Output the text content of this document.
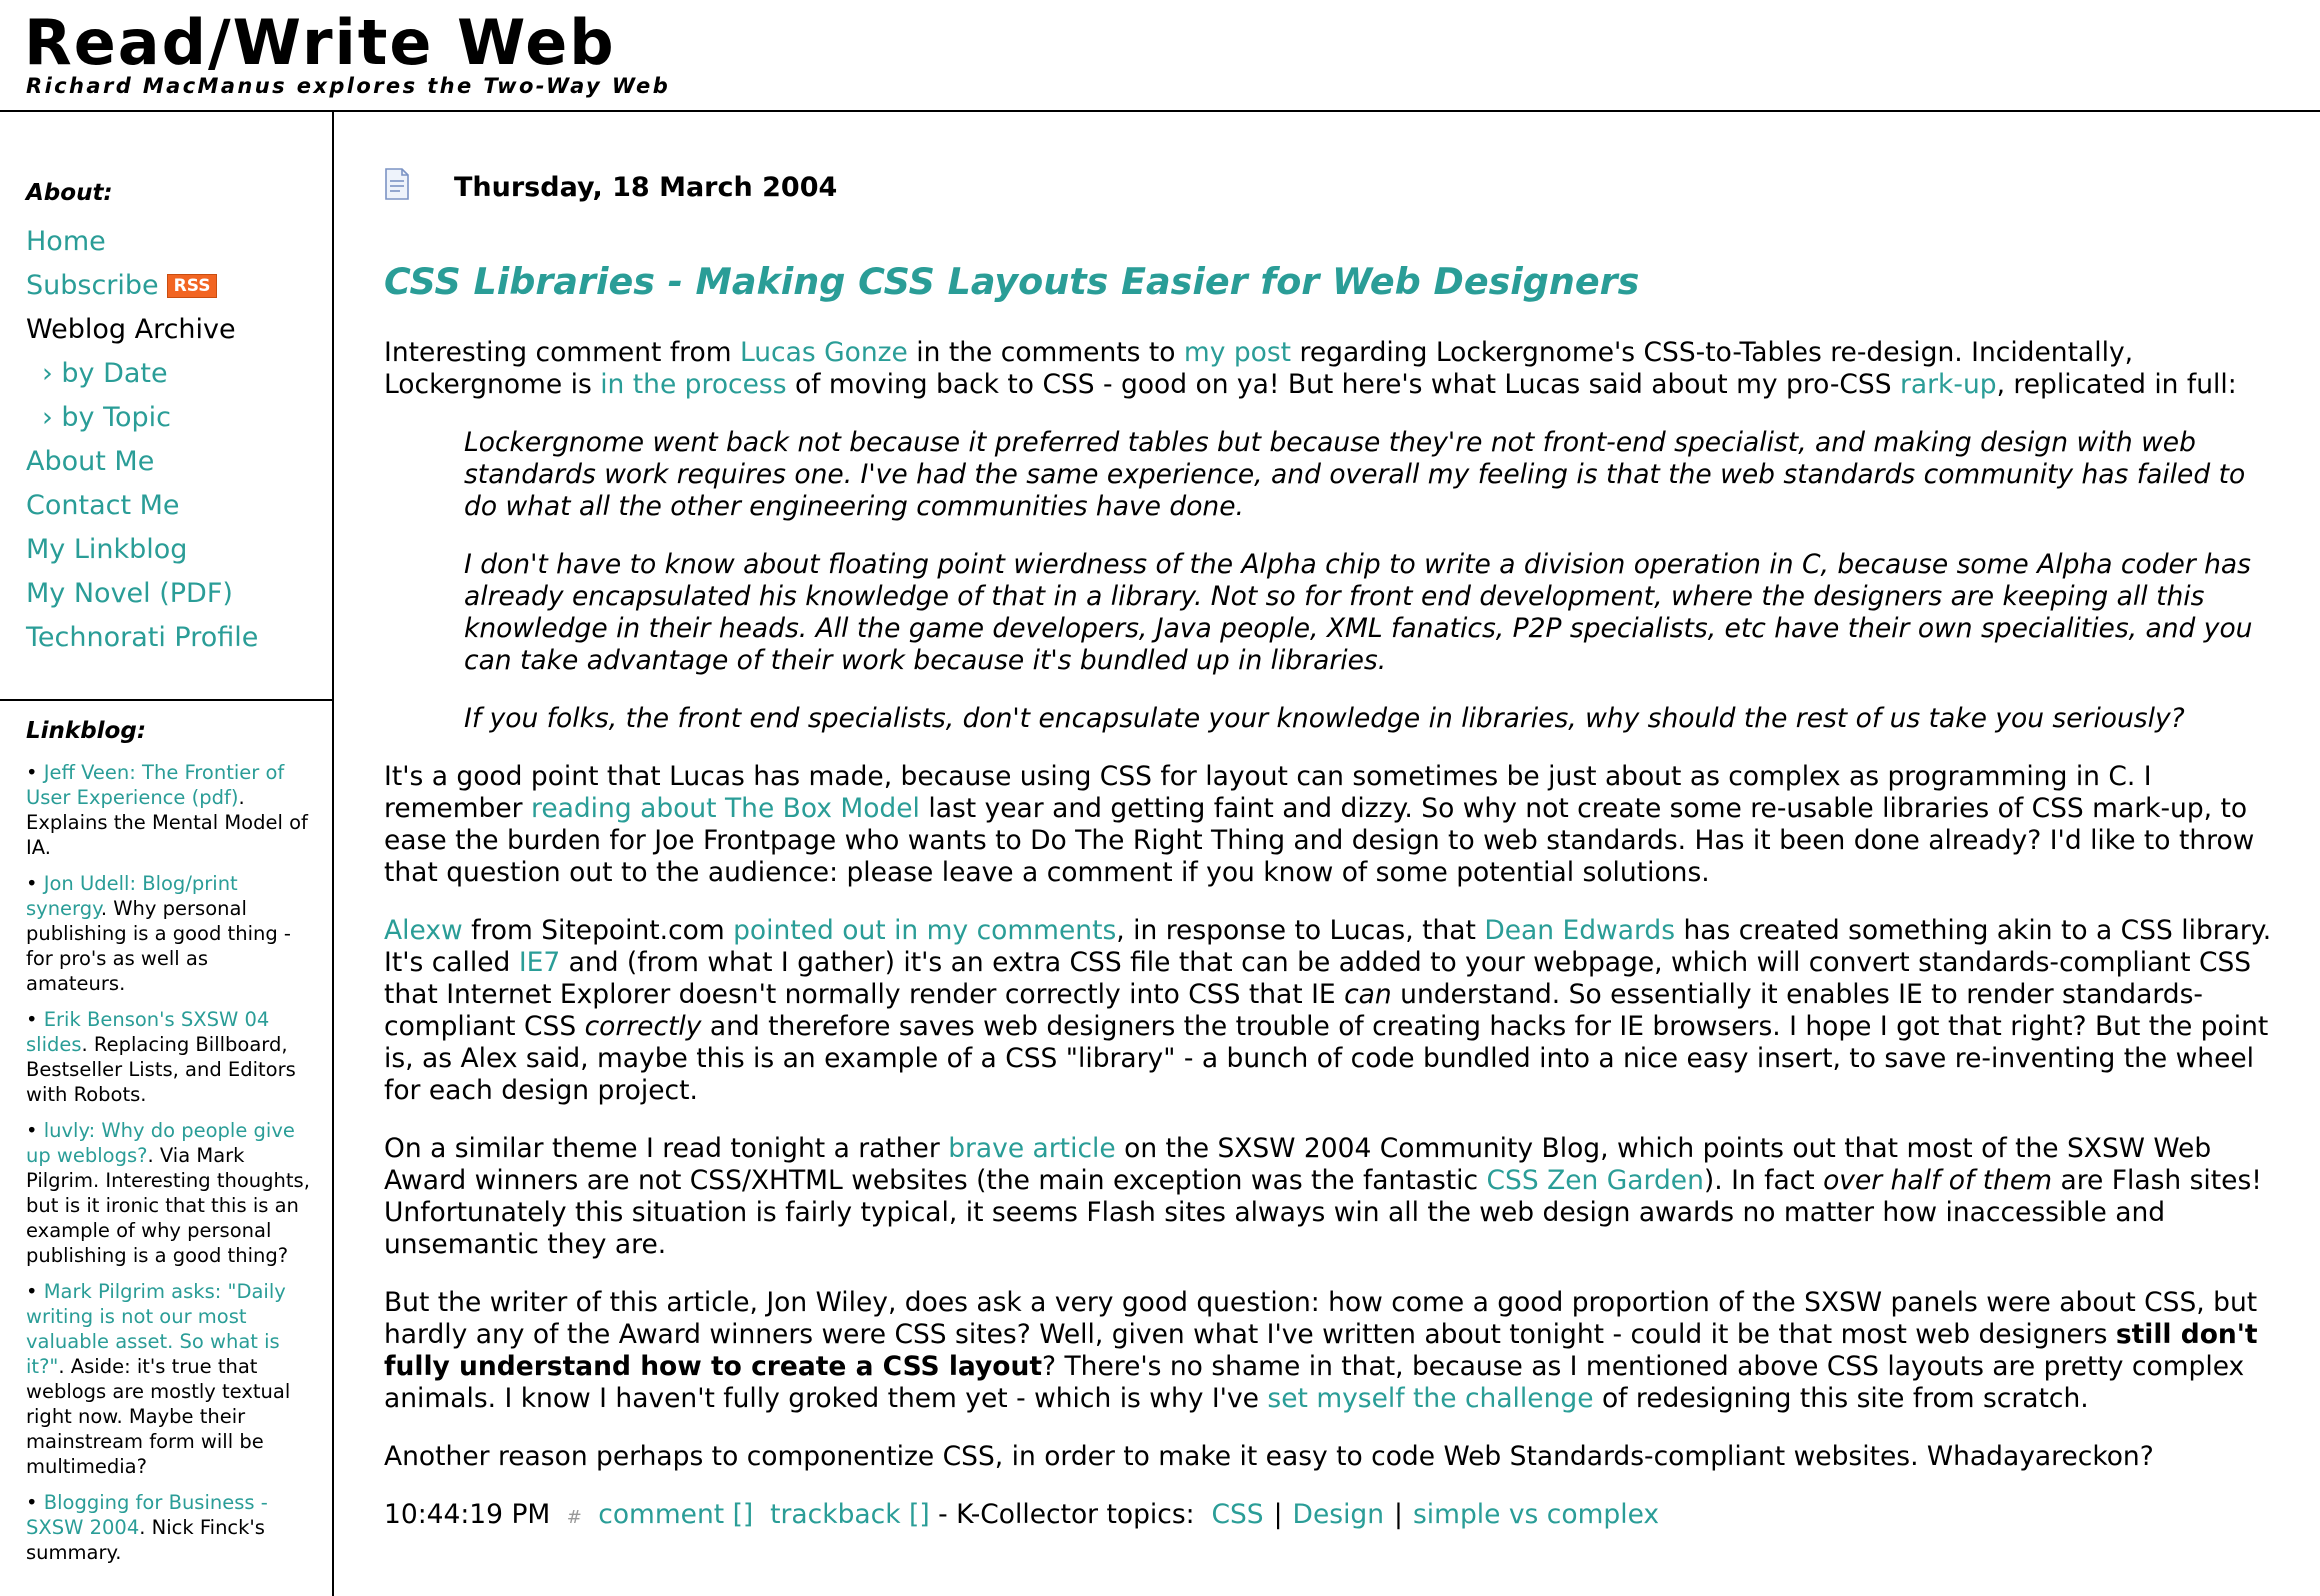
Read/Write Web
Richard MacManus explores the Two-Way Web
About:
Home
Subscribe RSS
Weblog Archive
› by Date
› by Topic
About Me
Contact Me
My Linkblog
My Novel (PDF)
Technorati Profile
Linkblog:
• Jeff Veen: The Frontier of User Experience (pdf). Explains the Mental Model of IA.
• Jon Udell: Blog/print synergy. Why personal publishing is a good thing - for pro's as well as amateurs.
• Erik Benson's SXSW 04 slides. Replacing Billboard, Bestseller Lists, and Editors with Robots.
• luvly: Why do people give up weblogs?. Via Mark Pilgrim. Interesting thoughts, but is it ironic that this is an example of why personal publishing is a good thing?
• Mark Pilgrim asks: "Daily writing is not our most valuable asset. So what is it?". Aside: it's true that weblogs are mostly textual right now. Maybe their mainstream form will be multimedia?
• Blogging for Business - SXSW 2004. Nick Finck's summary.
Thursday, 18 March 2004
CSS Libraries - Making CSS Layouts Easier for Web Designers

Interesting comment from Lucas Gonze in the comments to my post regarding Lockergnome's CSS-to-Tables re-design. Incidentally, Lockergnome is in the process of moving back to CSS - good on ya! But here's what Lucas said about my pro-CSS rark-up, replicated in full:

Lockergnome went back not because it preferred tables but because they're not front-end specialist, and making design with web standards work requires one. I've had the same experience, and overall my feeling is that the web standards community has failed to do what all the other engineering communities have done.

I don't have to know about floating point wierdness of the Alpha chip to write a division operation in C, because some Alpha coder has already encapsulated his knowledge of that in a library. Not so for front end development, where the designers are keeping all this knowledge in their heads. All the game developers, Java people, XML fanatics, P2P specialists, etc have their own specialities, and you can take advantage of their work because it's bundled up in libraries.

If you folks, the front end specialists, don't encapsulate your knowledge in libraries, why should the rest of us take you seriously?

It's a good point that Lucas has made, because using CSS for layout can sometimes be just about as complex as programming in C. I remember reading about The Box Model last year and getting faint and dizzy. So why not create some re-usable libraries of CSS mark-up, to ease the burden for Joe Frontpage who wants to Do The Right Thing and design to web standards. Has it been done already? I'd like to throw that question out to the audience: please leave a comment if you know of some potential solutions.

Alexw from Sitepoint.com pointed out in my comments, in response to Lucas, that Dean Edwards has created something akin to a CSS library. It's called IE7 and (from what I gather) it's an extra CSS file that can be added to your webpage, which will convert standards-compliant CSS that Internet Explorer doesn't normally render correctly into CSS that IE can understand. So essentially it enables IE to render standards-compliant CSS correctly and therefore saves web designers the trouble of creating hacks for IE browsers. I hope I got that right? But the point is, as Alex said, maybe this is an example of a CSS "library" - a bunch of code bundled into a nice easy insert, to save re-inventing the wheel for each design project.

On a similar theme I read tonight a rather brave article on the SXSW 2004 Community Blog, which points out that most of the SXSW Web Award winners are not CSS/XHTML websites (the main exception was the fantastic CSS Zen Garden). In fact over half of them are Flash sites! Unfortunately this situation is fairly typical, it seems Flash sites always win all the web design awards no matter how inaccessible and unsemantic they are.

But the writer of this article, Jon Wiley, does ask a very good question: how come a good proportion of the SXSW panels were about CSS, but hardly any of the Award winners were CSS sites? Well, given what I've written about tonight - could it be that most web designers still don't fully understand how to create a CSS layout? There's no shame in that, because as I mentioned above CSS layouts are pretty complex animals. I know I haven't fully groked them yet - which is why I've set myself the challenge of redesigning this site from scratch.

Another reason perhaps to componentize CSS, in order to make it easy to code Web Standards-compliant websites. Whadayareckon?

10:44:19 PM # comment [] trackback [] - K-Collector topics: CSS | Design | simple vs complex
